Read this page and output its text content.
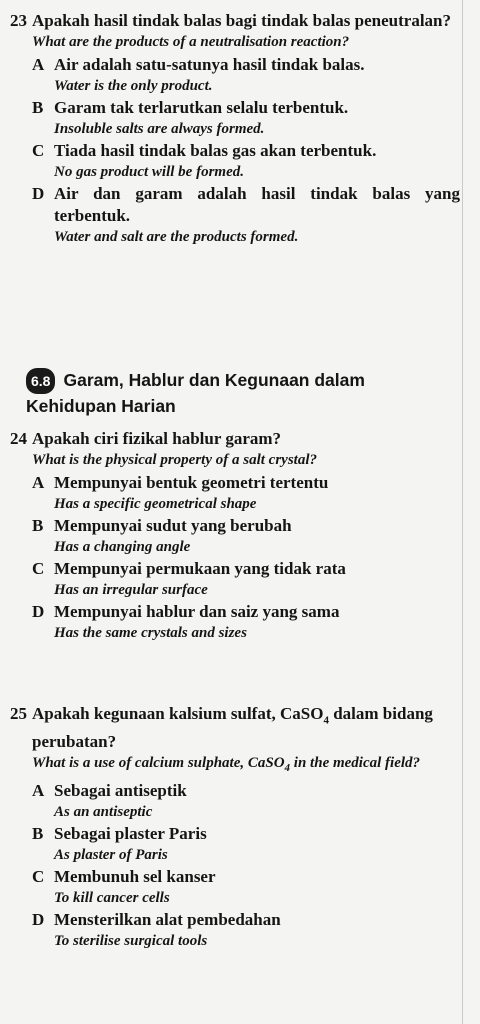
23 Apakah hasil tindak balas bagi tindak balas peneutralan?
What are the products of a neutralisation reaction?
A Air adalah satu-satunya hasil tindak balas.
Water is the only product.
B Garam tak terlarutkan selalu terbentuk.
Insoluble salts are always formed.
C Tiada hasil tindak balas gas akan terbentuk.
No gas product will be formed.
D Air dan garam adalah hasil tindak balas yang terbentuk.
Water and salt are the products formed.
6.8 Garam, Hablur dan Kegunaan dalam
Kehidupan Harian
24 Apakah ciri fizikal hablur garam?
What is the physical property of a salt crystal?
A Mempunyai bentuk geometri tertentu
Has a specific geometrical shape
B Mempunyai sudut yang berubah
Has a changing angle
C Mempunyai permukaan yang tidak rata
Has an irregular surface
D Mempunyai hablur dan saiz yang sama
Has the same crystals and sizes
25 Apakah kegunaan kalsium sulfat, CaSO$_4$ dalam bidang perubatan?
What is a use of calcium sulphate, CaSO$_4$ in the medical field?
A Sebagai antiseptik
As an antiseptic
B Sebagai plaster Paris
As plaster of Paris
C Membunuh sel kanser
To kill cancer cells
D Mensterilkan alat pembedahan
To sterilise surgical tools
